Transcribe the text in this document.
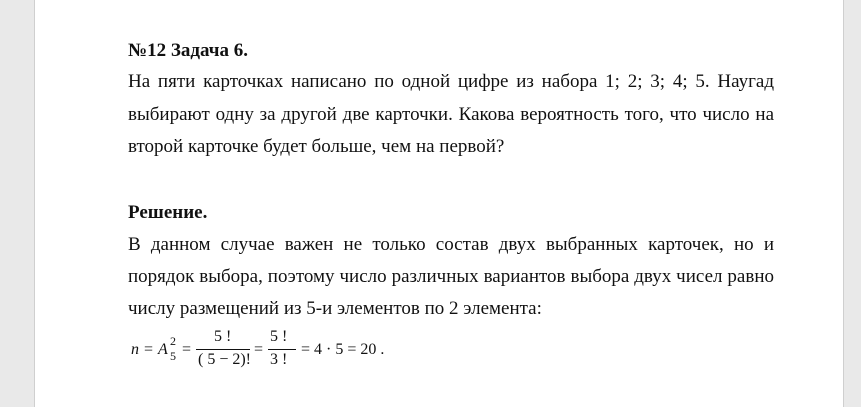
№12 Задача 6.
На пяти карточках написано по одной цифре из набора 1; 2; 3; 4; 5. Наугад
выбирают одну за другой две карточки. Какова вероятность того, что число на
второй карточке будет больше, чем на первой?
Решение.
В данном случае важен не только состав двух выбранных карточек, но и
порядок выбора, поэтому число различных вариантов выбора двух чисел равно
числу размещений из 5-и элементов по 2 элемента:
n = A 2
5 =
5 !
( 5 − 2)!
=
5 !
3 !
= 4 · 5 = 20 .
